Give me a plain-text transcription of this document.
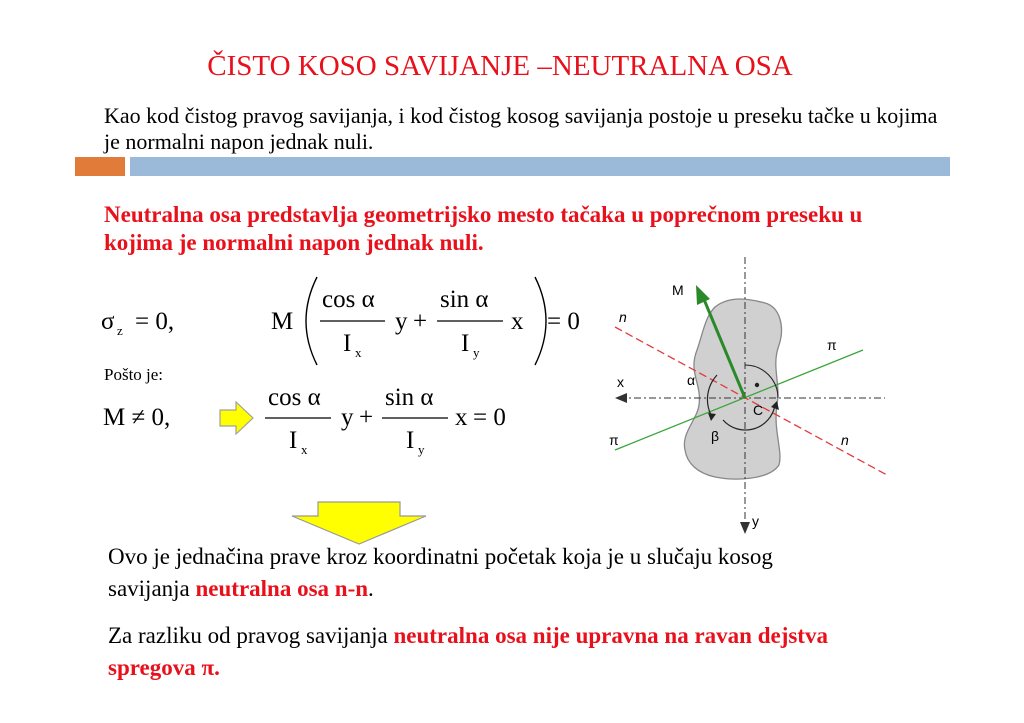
ČISTO KOSO SAVIJANJE –NEUTRALNA OSA
Kao kod čistog pravog savijanja, i kod čistog kosog savijanja postoje u preseku tačke u kojima je normalni napon jednak nuli.
Neutralna osa predstavlja geometrijsko mesto tačaka u poprečnom preseku u kojima je normalni napon jednak nuli.
σ z = 0,	M
cos α
I x
y +
sin α
I y
x = 0
Pošto je:
M ≠ 0,
cos α
I x
y +
sin α
I y
x = 0
M
n
n
π
π
x
y
α
β
C
Ovo je jednačina prave kroz koordinatni početak koja je u slučaju kosog savijanja neutralna osa n-n.
Za razliku od pravog savijanja neutralna osa nije upravna na ravan dejstva spregova π.
